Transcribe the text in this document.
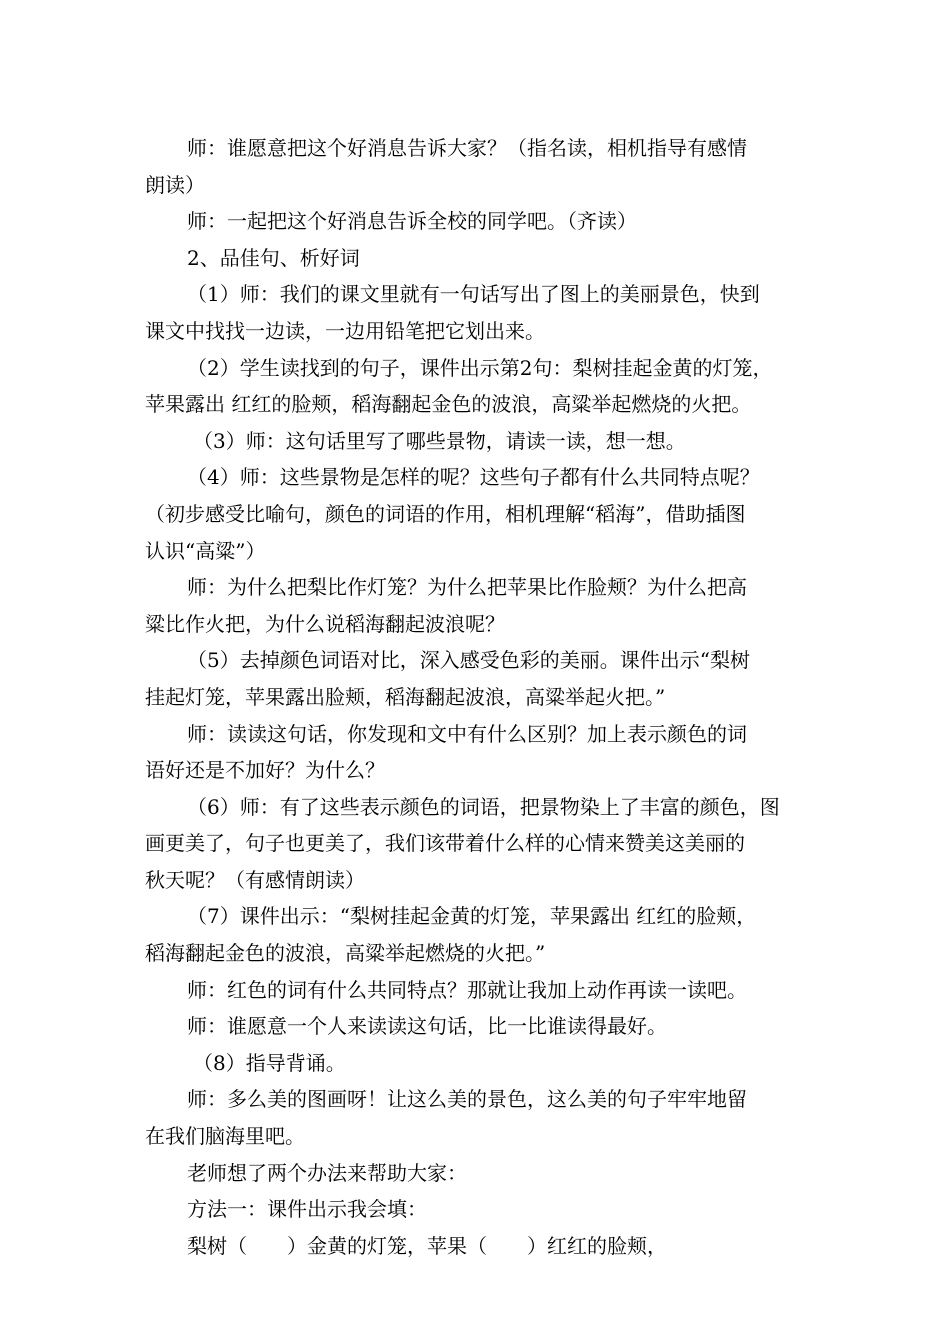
师：谁愿意把这个好消息告诉大家？（指名读，相机指导有感情
朗读）
师：一起把这个好消息告诉全校的同学吧。（齐读）
2、品佳句、析好词
（1）师：我们的课文里就有一句话写出了图上的美丽景色，快到
课文中找找一边读，一边用铅笔把它划出来。
（2）学生读找到的句子，课件出示第2句：梨树挂起金黄的灯笼，
苹果露出 红红的脸颊，稻海翻起金色的波浪，高粱举起燃烧的火把。
（3）师：这句话里写了哪些景物，请读一读，想一想。
（4）师：这些景物是怎样的呢？这些句子都有什么共同特点呢？
（初步感受比喻句，颜色的词语的作用，相机理解“稻海”，借助插图
认识“高粱”）
师：为什么把梨比作灯笼？为什么把苹果比作脸颊？为什么把高
粱比作火把，为什么说稻海翻起波浪呢？
（5）去掉颜色词语对比，深入感受色彩的美丽。课件出示“梨树
挂起灯笼，苹果露出脸颊，稻海翻起波浪，高粱举起火把。”
师：读读这句话，你发现和文中有什么区别？加上表示颜色的词
语好还是不加好？为什么？
（6）师：有了这些表示颜色的词语，把景物染上了丰富的颜色，图
画更美了，句子也更美了，我们该带着什么样的心情来赞美这美丽的
秋天呢？（有感情朗读）
（7）课件出示：“梨树挂起金黄的灯笼，苹果露出 红红的脸颊，
稻海翻起金色的波浪，高粱举起燃烧的火把。”
师：红色的词有什么共同特点？那就让我加上动作再读一读吧。
师：谁愿意一个人来读读这句话，比一比谁读得最好。
（8）指导背诵。
师：多么美的图画呀！让这么美的景色，这么美的句子牢牢地留
在我们脑海里吧。
老师想了两个办法来帮助大家：
方法一：课件出示我会填：
梨树（　　）金黄的灯笼，苹果（　　）红红的脸颊，
